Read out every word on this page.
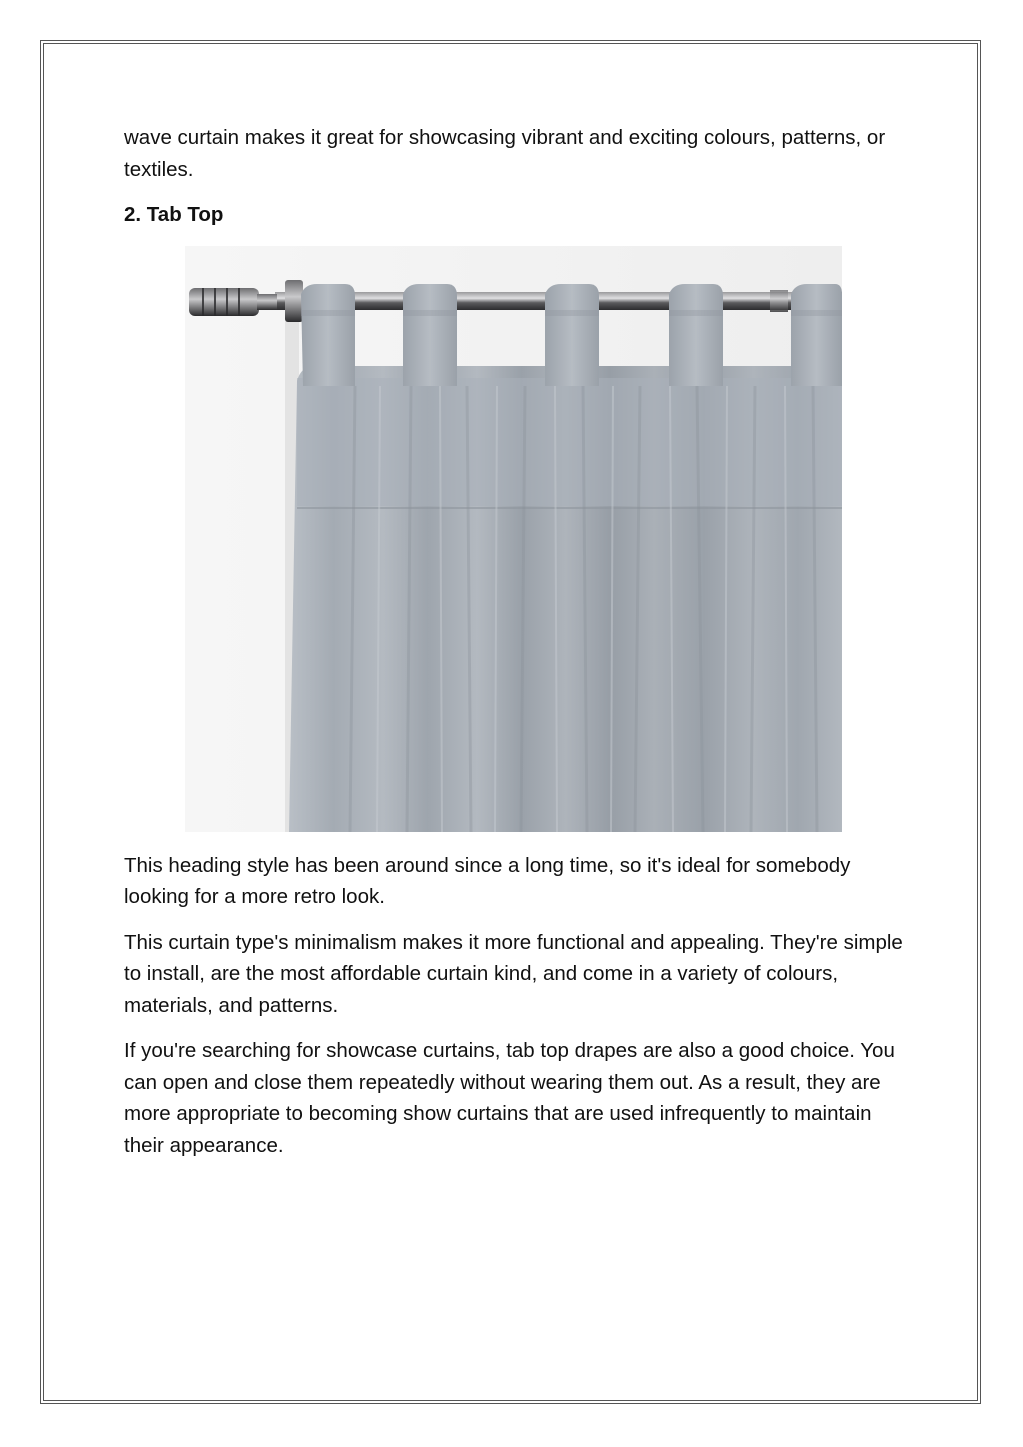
wave curtain makes it great for showcasing vibrant and exciting colours, patterns, or textiles.

2. Tab Top

This heading style has been around since a long time, so it's ideal for somebody looking for a more retro look.

This curtain type's minimalism makes it more functional and appealing. They're simple to install, are the most affordable curtain kind, and come in a variety of colours, materials, and patterns.

If you're searching for showcase curtains, tab top drapes are also a good choice. You can open and close them repeatedly without wearing them out. As a result, they are more appropriate to becoming show curtains that are used infrequently to maintain their appearance.
